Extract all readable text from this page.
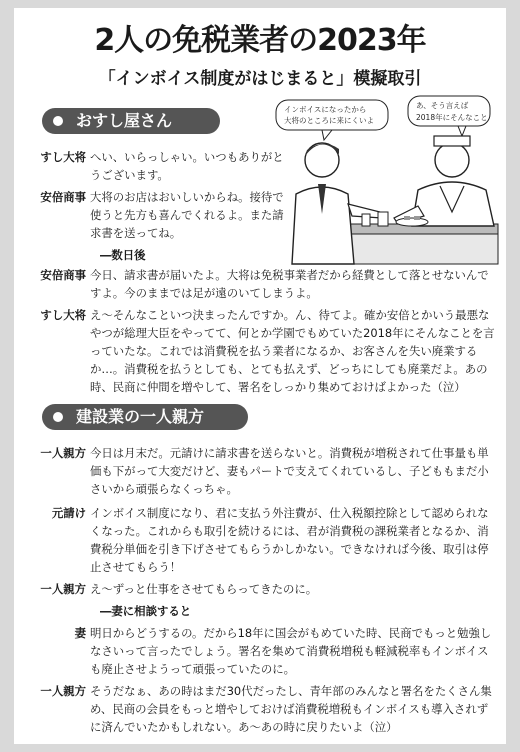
2人の免税業者の2023年
「インボイス制度がはじまると」模擬取引
おすし屋さん
インボイスになったから
大将のところに来にくいよ
あ、そう言えば
2018年にそんなこと
すし大将 へい、いらっしゃい。いつもありがとうございます。

安倍商事 大将のお店はおいしいからね。接待で使うと先方も喜んでくれるよ。また請求書を送ってね。

―数日後
安倍商事 今日、請求書が届いたよ。大将は免税事業者だから経費として落とせないんですよ。今のままでは足が遠のいてしまうよ。

すし大将 え～そんなこといつ決まったんですか。ん、待てよ。確か安倍とかいう最悪なやつが総理大臣をやってて、何とか学園でもめていた2018年にそんなことを言っていたな。これでは消費税を払う業者になるか、お客さんを失い廃業するか…。消費税を払うとしても、とても払えず、どっちにしても廃業だよ。あの時、民商に仲間を増やして、署名をしっかり集めておけばよかった（泣）

建設業の一人親方
一人親方 今日は月末だ。元請けに請求書を送らないと。消費税が増税されて仕事量も単価も下がって大変だけど、妻もパートで支えてくれているし、子どももまだ小さいから頑張らなくっちゃ。

元請け インボイス制度になり、君に支払う外注費が、仕入税額控除として認められなくなった。これからも取引を続けるには、君が消費税の課税業者となるか、消費税分単価を引き下げさせてもらうかしかない。できなければ今後、取引は停止させてもらう！

一人親方 え～ずっと仕事をさせてもらってきたのに。

―妻に相談すると
妻 明日からどうするの。だから18年に国会がもめていた時、民商でもっと勉強しなさいって言ったでしょう。署名を集めて消費税増税も軽減税率もインボイスも廃止させようって頑張っていたのに。

一人親方 そうだなぁ、あの時はまだ30代だったし、青年部のみんなと署名をたくさん集め、民商の会員をもっと増やしておけば消費税増税もインボイスも導入されずに済んでいたかもしれない。あ～あの時に戻りたいよ（泣）
